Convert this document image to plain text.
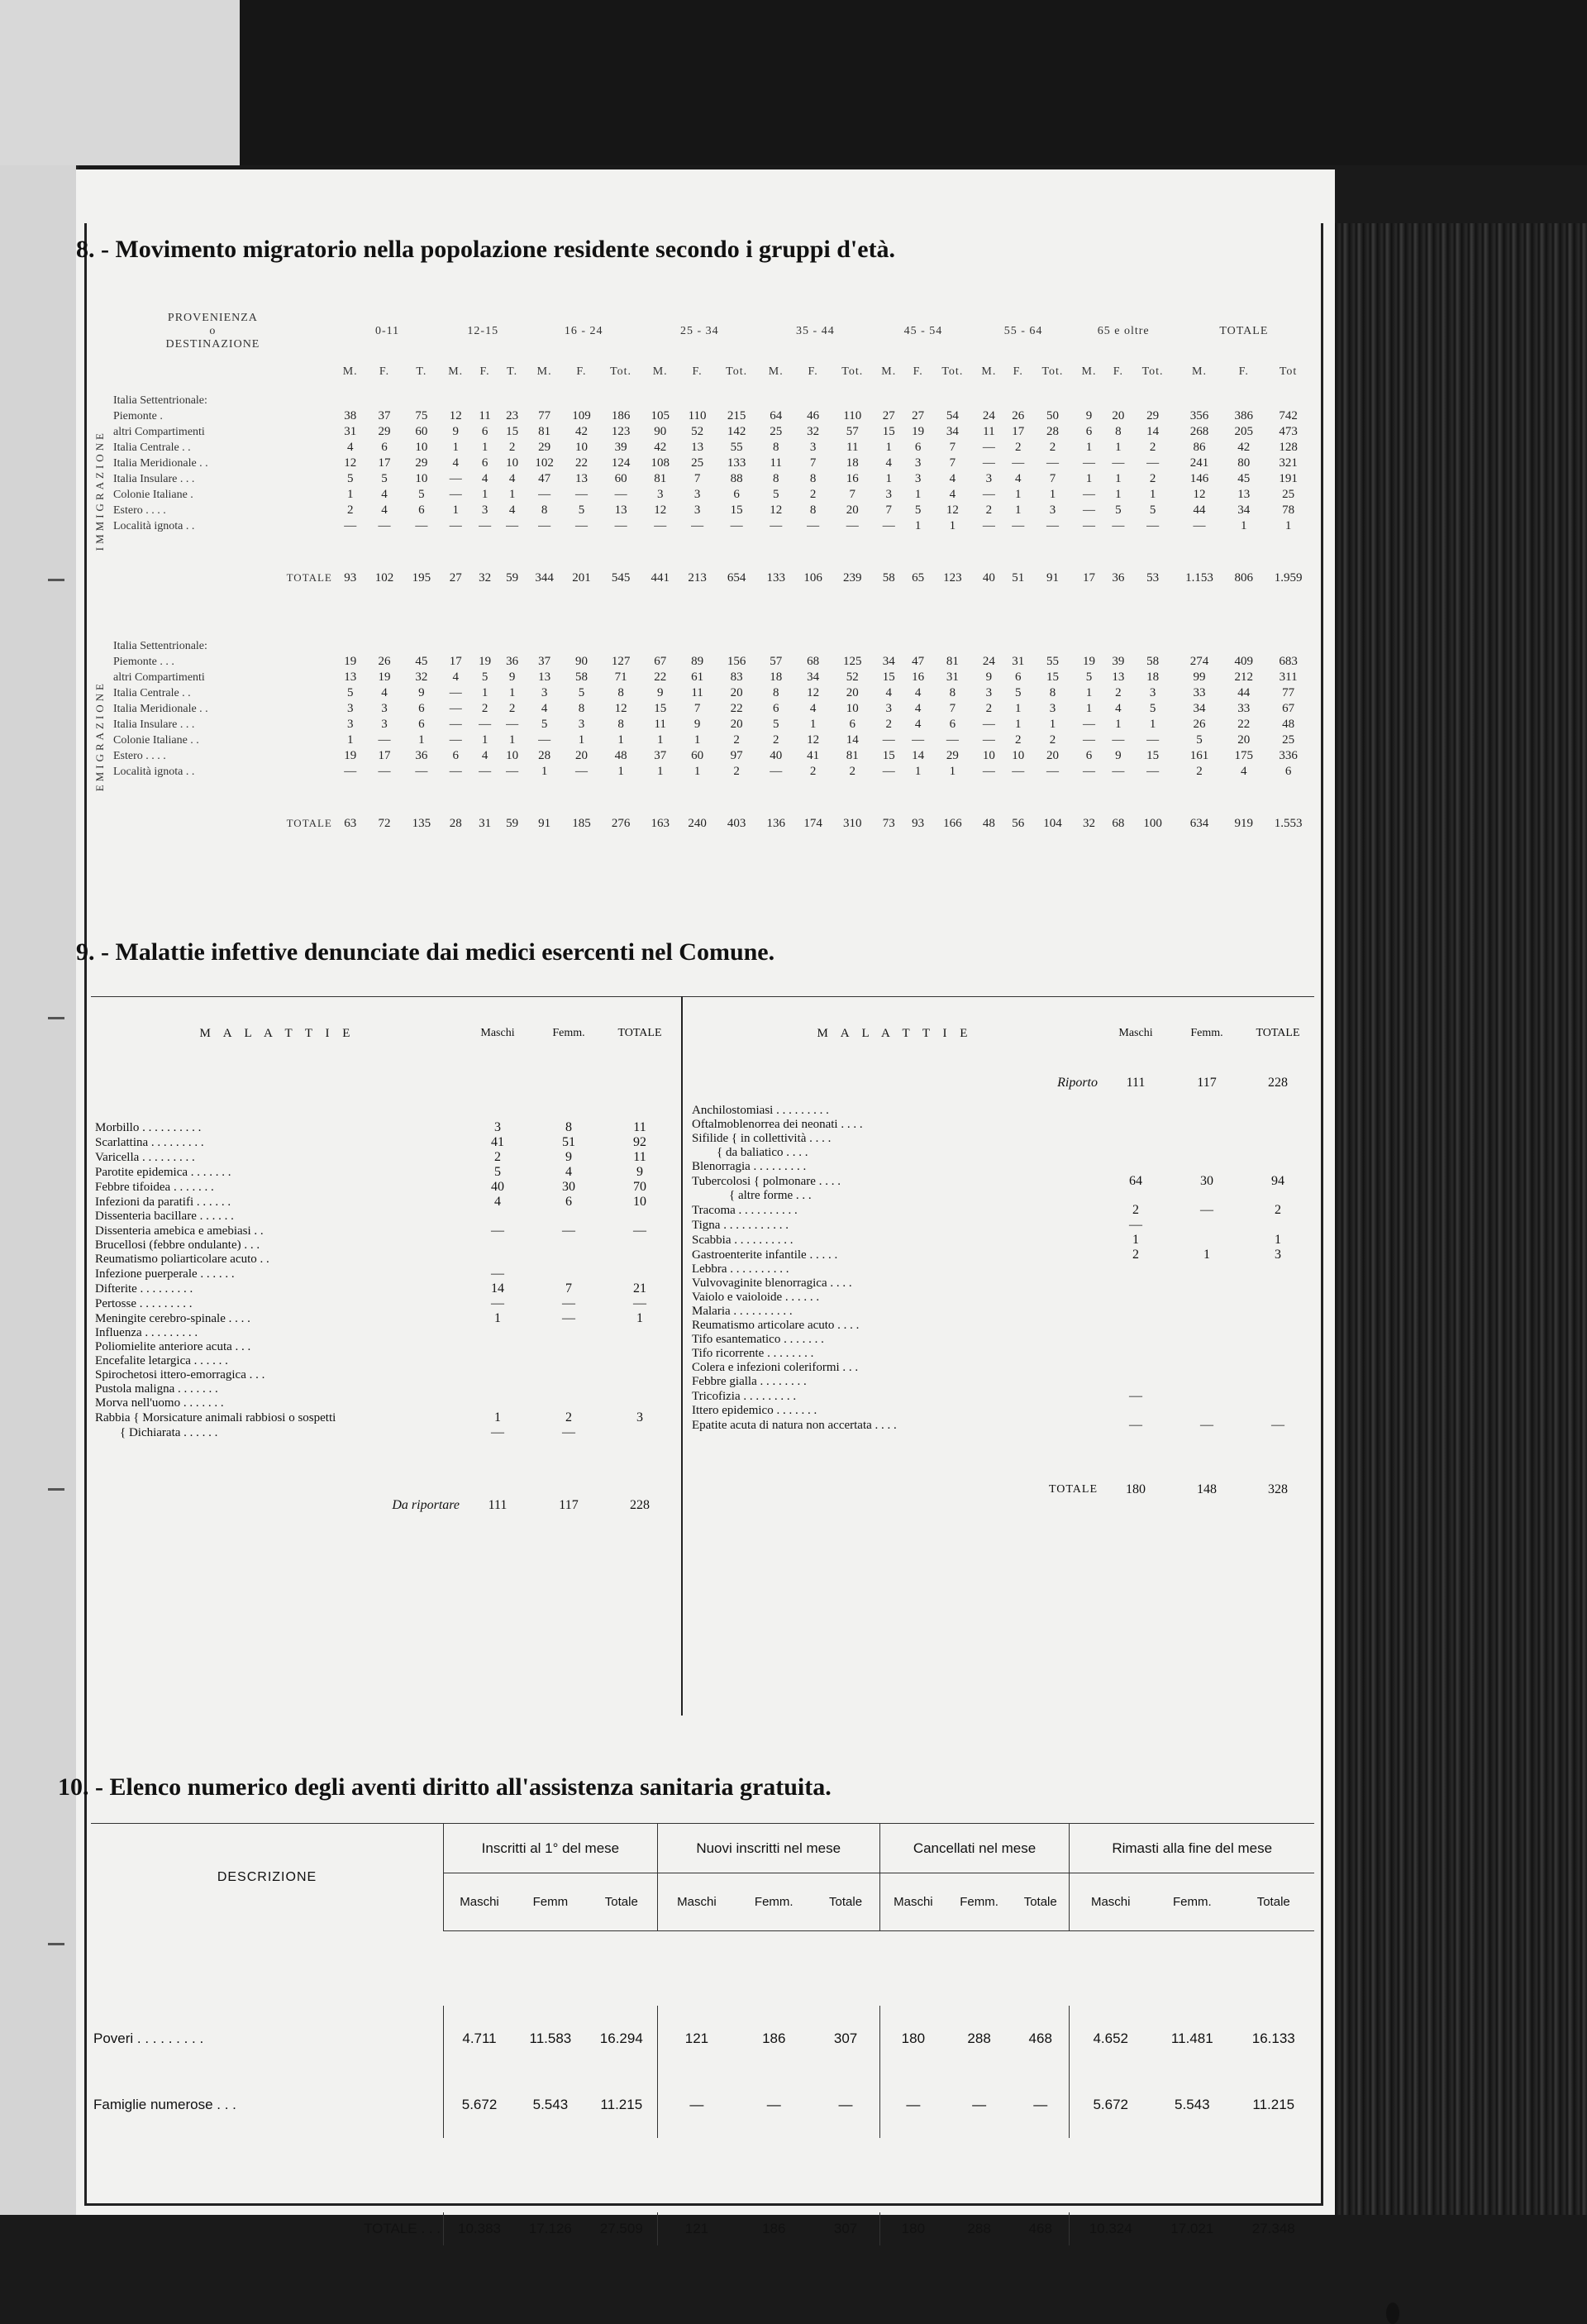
8. - Movimento migratorio nella popolazione residente secondo i gruppi d'età.
PROVENIENZA
o
DESTINAZIONE		0-11			12-15			16 - 24			25 - 34			35 - 44			45 - 54			55 - 64			65 e oltre			TOTALE		
		M.	F.	T.	M.	F.	T.	M.	F.	Tot.	M.	F.	Tot.	M.	F.	Tot.	M.	F.	Tot.	M.	F.	Tot.	M.	F.	Tot.	M.	F.	Tot

IMMIGRAZIONE	Italia Settentrionale:																											
	Piemonte .	38	37	75	12	11	23	77	109	186	105	110	215	64	46	110	27	27	54	24	26	50	9	20	29	356	386	742
	altri Compartimenti	31	29	60	9	6	15	81	42	123	90	52	142	25	32	57	15	19	34	11	17	28	6	8	14	268	205	473
	Italia Centrale . .	4	6	10	1	1	2	29	10	39	42	13	55	8	3	11	1	6	7	—	2	2	1	1	2	86	42	128
	Italia Meridionale . .	12	17	29	4	6	10	102	22	124	108	25	133	11	7	18	4	3	7	—	—	—	—	—	—	241	80	321
	Italia Insulare . . .	5	5	10	—	4	4	47	13	60	81	7	88	8	8	16	1	3	4	3	4	7	1	1	2	146	45	191
	Colonie Italiane .	1	4	5	—	1	1	—	—	—	3	3	6	5	2	7	3	1	4	—	1	1	—	1	1	12	13	25
	Estero . . . .	2	4	6	1	3	4	8	5	13	12	3	15	12	8	20	7	5	12	2	1	3	—	5	5	44	34	78
	Località ignota . .	—	—	—	—	—	—	—	—	—	—	—	—	—	—	—	—	1	1	—	—	—	—	—	—	—	1	1

	TOTALE	93	102	195	27	32	59	344	201	545	441	213	654	133	106	239	58	65	123	40	51	91	17	36	53	1.153	806	1.959

EMIGRAZIONE	Italia Settentrionale:																											
	Piemonte . . .	19	26	45	17	19	36	37	90	127	67	89	156	57	68	125	34	47	81	24	31	55	19	39	58	274	409	683
	altri Compartimenti	13	19	32	4	5	9	13	58	71	22	61	83	18	34	52	15	16	31	9	6	15	5	13	18	99	212	311
	Italia Centrale . .	5	4	9	—	1	1	3	5	8	9	11	20	8	12	20	4	4	8	3	5	8	1	2	3	33	44	77
	Italia Meridionale . .	3	3	6	—	2	2	4	8	12	15	7	22	6	4	10	3	4	7	2	1	3	1	4	5	34	33	67
	Italia Insulare . . .	3	3	6	—	—	—	5	3	8	11	9	20	5	1	6	2	4	6	—	1	1	—	1	1	26	22	48
	Colonie Italiane . .	1	—	1	—	1	1	—	1	1	1	1	2	2	12	14	—	—	—	—	2	2	—	—	—	5	20	25
	Estero . . . .	19	17	36	6	4	10	28	20	48	37	60	97	40	41	81	15	14	29	10	10	20	6	9	15	161	175	336
	Località ignota . .	—	—	—	—	—	—	1	—	1	1	1	2	—	2	2	—	1	1	—	—	—	—	—	—	2	4	6

	TOTALE	63	72	135	28	31	59	91	185	276	163	240	403	136	174	310	73	93	166	48	56	104	32	68	100	634	919	1.553

9. - Malattie infettive denunciate dai medici esercenti nel Comune.
M A L A T T I E	Maschi	Femm.	TOTALE

Morbillo . . . . . . . . . .	3	8	11
Scarlattina . . . . . . . . .	41	51	92
Varicella . . . . . . . . .	2	9	11
Parotite epidemica . . . . . . .	5	4	9
Febbre tifoidea . . . . . . .	40	30	70
Infezioni da paratifi . . . . . .	4	6	10
Dissenteria bacillare . . . . . .			
Dissenteria amebica e amebiasi . .	—	—	—
Brucellosi (febbre ondulante) . . .			
Reumatismo poliarticolare acuto . .			
Infezione puerperale . . . . . .	—		
Difterite . . . . . . . . .	14	7	21
Pertosse . . . . . . . . .	—	—	—
Meningite cerebro-spinale . . . .	1	—	1
Influenza . . . . . . . . .			
Poliomielite anteriore acuta . . .			
Encefalite letargica . . . . . .			
Spirochetosi ittero-emorragica . . .			
Pustola maligna . . . . . . .			
Morva nell'uomo . . . . . . .			
Rabbia { Morsicature animali rabbiosi o sospetti	1	2	3
{ Dichiarata . . . . . .	—	—	

Da riportare	111	117	228
M A L A T T I E	Maschi	Femm.	TOTALE
Riporto	111	117	228
Anchilostomiasi . . . . . . . . .			
Oftalmoblenorrea dei neonati . . . .			
Sifilide { in collettività . . . .			
{ da baliatico . . . .			
Blenorragia . . . . . . . . .			
Tubercolosi { polmonare . . . .	64	30	94
{ altre forme . . .			
Tracoma . . . . . . . . . .	2	—	2
Tigna . . . . . . . . . . .	—		
Scabbia . . . . . . . . . .	1		1
Gastroenterite infantile . . . . .	2	1	3
Lebbra . . . . . . . . . .			
Vulvovaginite blenorragica . . . .			
Vaiolo e vaioloide . . . . . .			
Malaria . . . . . . . . . .			
Reumatismo articolare acuto . . . .			
Tifo esantematico . . . . . . .			
Tifo ricorrente . . . . . . . .			
Colera e infezioni coleriformi . . .			
Febbre gialla . . . . . . . .			
Tricofizia . . . . . . . . .	—		
Ittero epidemico . . . . . . .			
Epatite acuta di natura non accertata . . . .	—	—	—

TOTALE	180	148	328
10. - Elenco numerico degli aventi diritto all'assistenza sanitaria gratuita.
DESCRIZIONE	Inscritti al 1° del mese			Nuovi inscritti nel mese			Cancellati nel mese			Rimasti alla fine del mese		
	Maschi	Femm	Totale	Maschi	Femm.	Totale	Maschi	Femm.	Totale	Maschi	Femm.	Totale

Poveri . . . . . . . . .	4.711	11.583	16.294	121	186	307	180	288	468	4.652	11.481	16.133
Famiglie numerose . . .	5.672	5.543	11.215	—	—	—	—	—	—	5.672	5.543	11.215

TOTALE . . .	10.383	17.126	27.509	121	186	307	180	288	468	10.324	17.021	27.348
